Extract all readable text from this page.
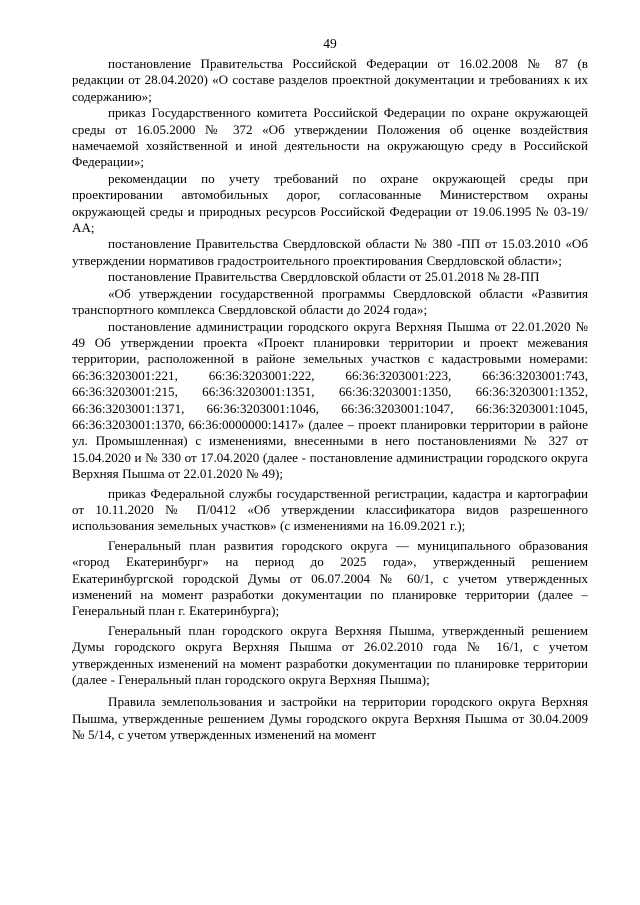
49

постановление Правительства Российской Федерации от 16.02.2008 № 87 (в редакции от 28.04.2020) «О составе разделов проектной документации и требованиях к их содержанию»;

приказ Государственного комитета Российской Федерации по охране окружающей среды от 16.05.2000 № 372 «Об утверждении Положения об оценке воздействия намечаемой хозяйственной и иной деятельности на окружающую среду в Российской Федерации»;

рекомендации по учету требований по охране окружающей среды при проектировании автомобильных дорог, согласованные Министерством охраны окружающей среды и природных ресурсов Российской Федерации от 19.06.1995 № 03-19/АА;

постановление Правительства Свердловской области № 380 -ПП от 15.03.2010 «Об утверждении нормативов градостроительного проектирования Свердловской области»;

постановление Правительства Свердловской области от 25.01.2018 № 28-ПП

«Об утверждении государственной программы Свердловской области «Развития транспортного комплекса Свердловской области до 2024 года»;

постановление администрации городского округа Верхняя Пышма от 22.01.2020 № 49 Об утверждении проекта «Проект планировки территории и проект межевания территории, расположенной в районе земельных участков с кадастровыми номерами: 66:36:3203001:221, 66:36:3203001:222, 66:36:3203001:223, 66:36:3203001:743, 66:36:3203001:215, 66:36:3203001:1351, 66:36:3203001:1350, 66:36:3203001:1352, 66:36:3203001:1371, 66:36:3203001:1046, 66:36:3203001:1047, 66:36:3203001:1045, 66:36:3203001:1370, 66:36:0000000:1417» (далее – проект планировки территории в районе ул. Промышленная) с изменениями, внесенными в него постановлениями № 327 от 15.04.2020 и № 330 от 17.04.2020 (далее - постановление администрации городского округа Верхняя Пышма от 22.01.2020 № 49);

приказ Федеральной службы государственной регистрации, кадастра и картографии от 10.11.2020 № П/0412 «Об утверждении классификатора видов разрешенного использования земельных участков» (с изменениями на 16.09.2021 г.);

Генеральный план развития городского округа — муниципального образования «город Екатеринбург» на период до 2025 года», утвержденный решением Екатеринбургской городской Думы от 06.07.2004 № 60/1, с учетом утвержденных изменений на момент разработки документации по планировке территории (далее – Генеральный план г. Екатеринбурга);

Генеральный план городского округа Верхняя Пышма, утвержденный решением Думы городского округа Верхняя Пышма от 26.02.2010 года № 16/1, с учетом утвержденных изменений на момент разработки документации по планировке территории (далее - Генеральный план городского округа Верхняя Пышма);

Правила землепользования и застройки на территории городского округа Верхняя Пышма, утвержденные решением Думы городского округа Верхняя Пышма от 30.04.2009 № 5/14, с учетом утвержденных изменений на момент
